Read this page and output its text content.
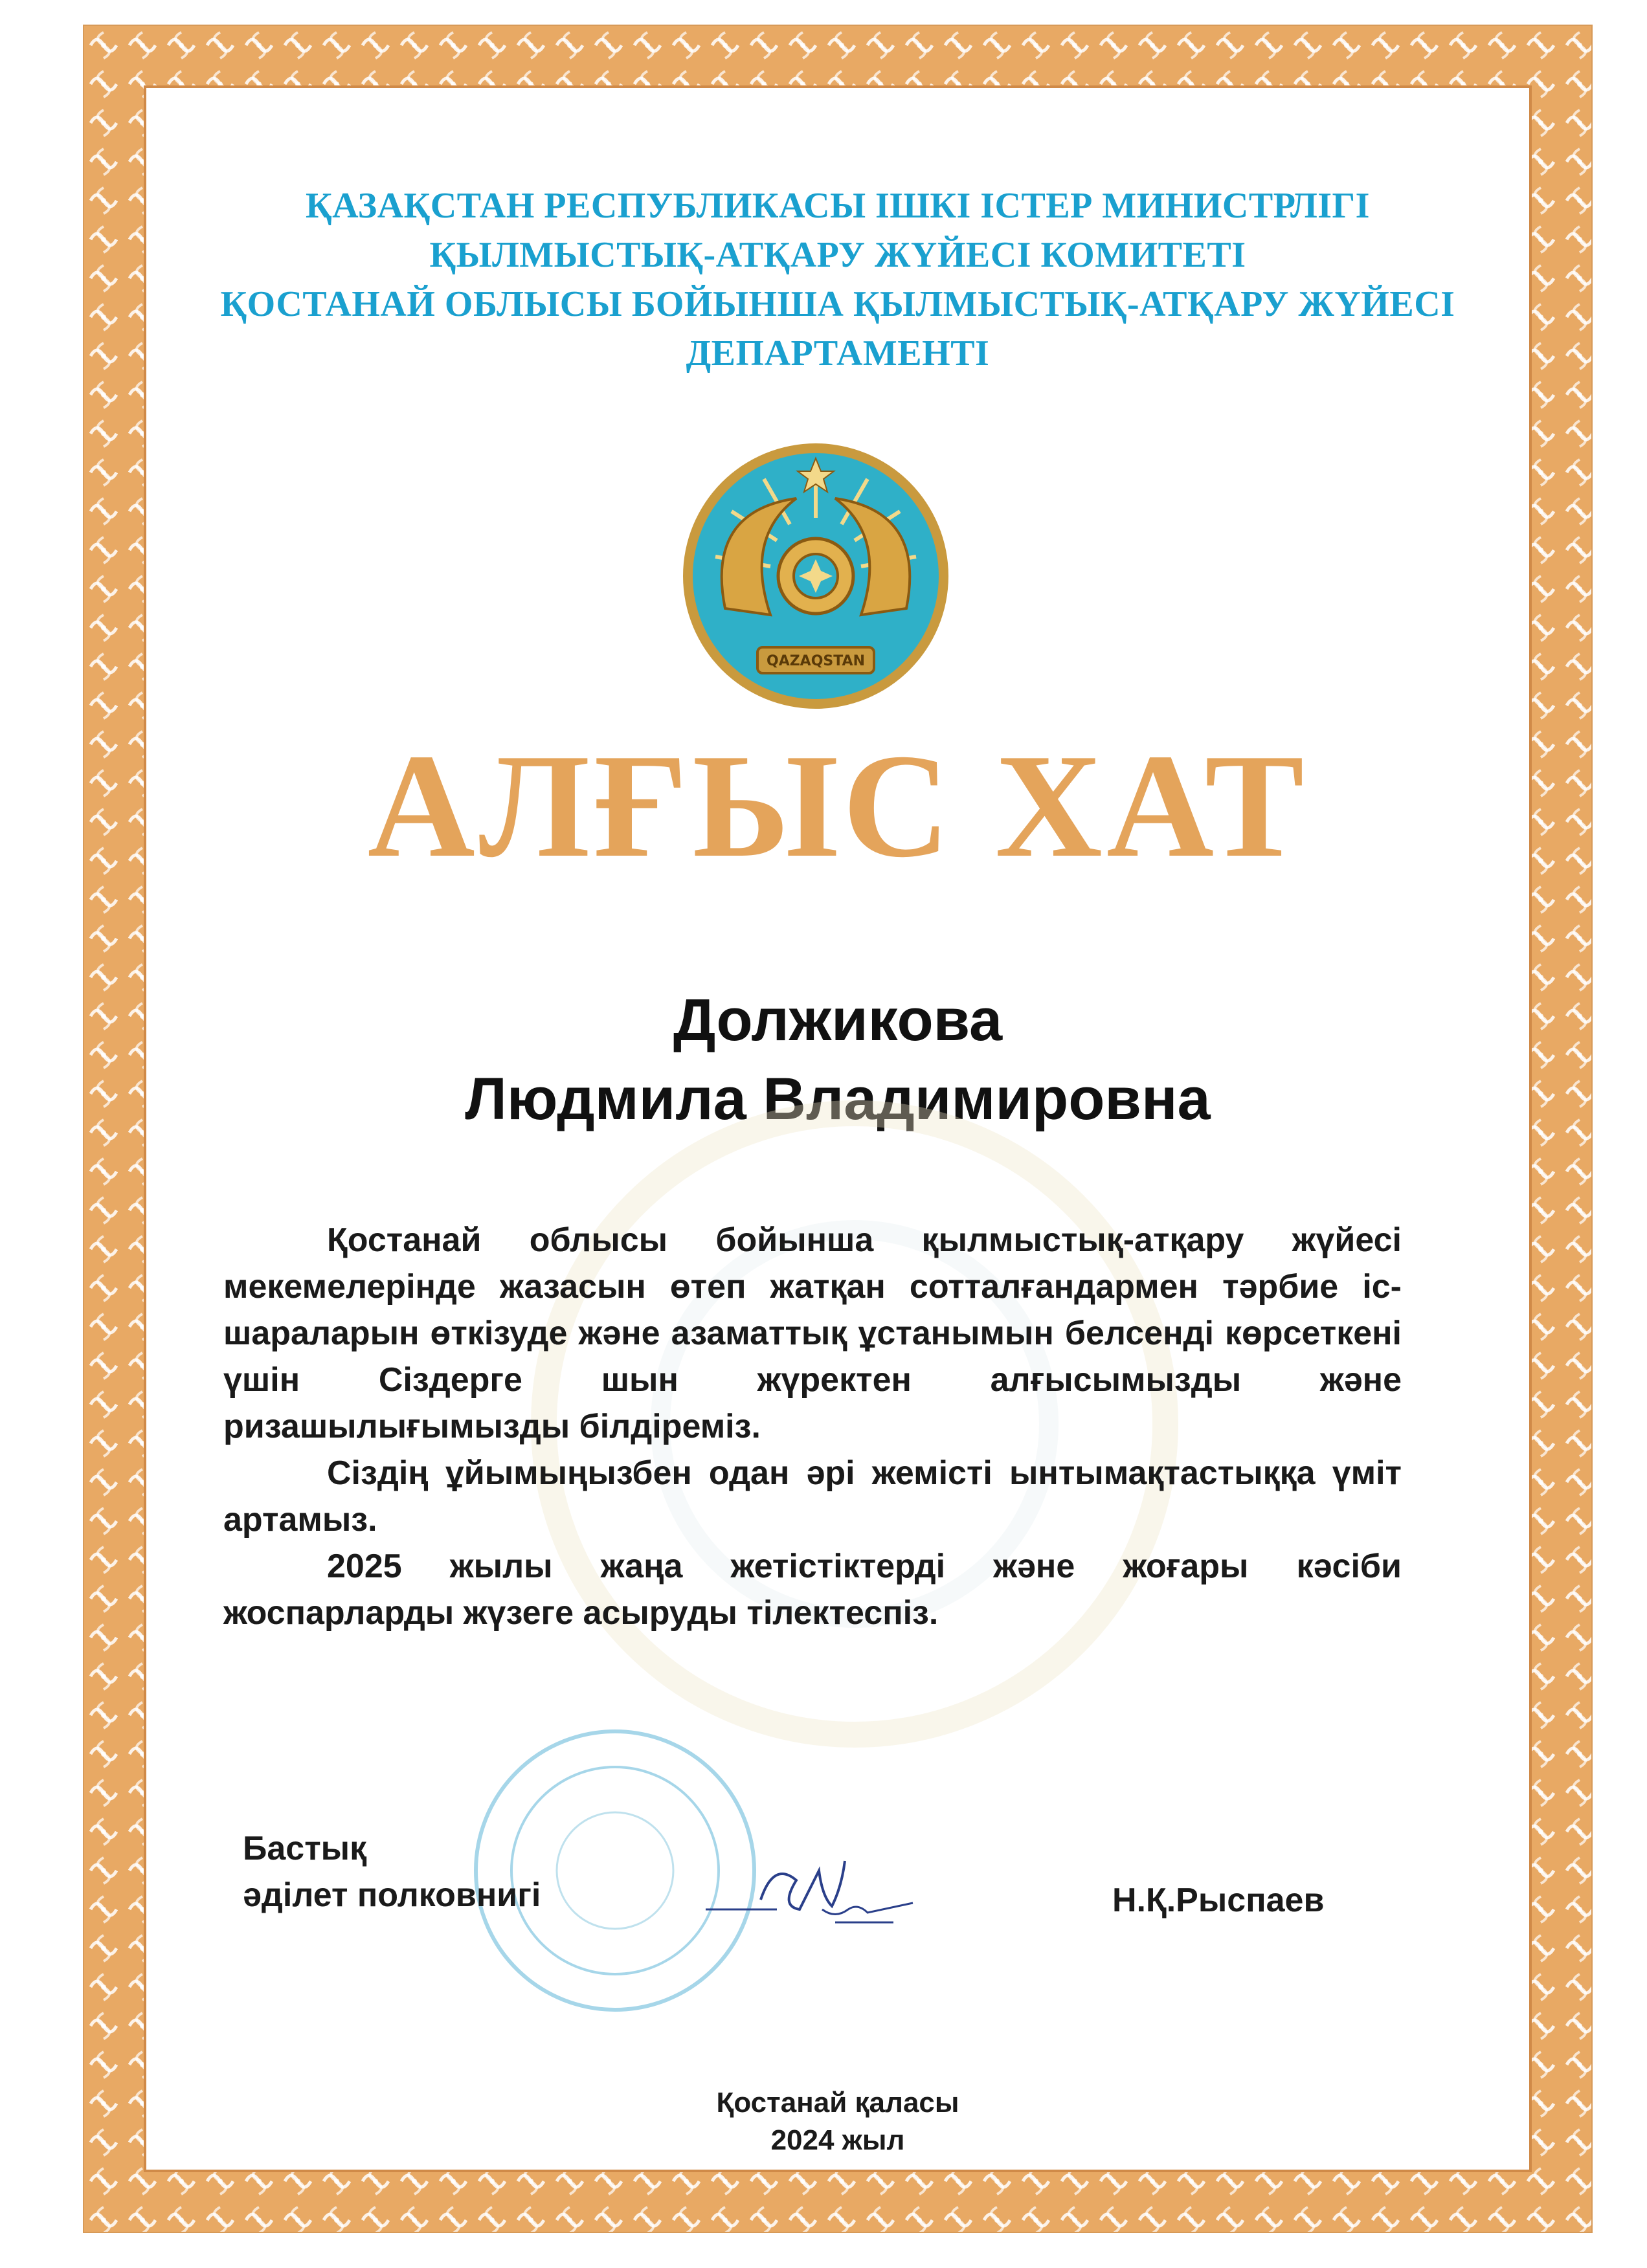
ҚАЗАҚСТАН РЕСПУБЛИКАСЫ ІШКІ ІСТЕР МИНИСТРЛІГІ
ҚЫЛМЫСТЫҚ-АТҚАРУ ЖҮЙЕСІ КОМИТЕТІ
ҚОСТАНАЙ ОБЛЫСЫ БОЙЫНША ҚЫЛМЫСТЫҚ-АТҚАРУ ЖҮЙЕСІ
ДЕПАРТАМЕНТІ
QAZAQSTAN
АЛҒЫС ХАТ
Должикова
Людмила Владимировна

Қостанай облысы бойынша қылмыстық-атқару жүйесі мекемелерінде жазасын өтеп жатқан сотталғандармен тәрбие іс-шараларын өткізуде және азаматтық ұстанымын белсенді көрсеткені үшін Сіздерге шын жүректен алғысымызды және ризашылығымызды білдіреміз.

Сіздің ұйымыңызбен одан әрі жемісті ынтымақтастыққа үміт артамыз.

2025 жылы жаңа жетістіктерді және жоғары кәсіби жоспарларды жүзеге асыруды тілектеспіз.

Бастық
әділет полковнигі	Н.Қ.Рыспаев
Қостанай қаласы
2024 жыл
